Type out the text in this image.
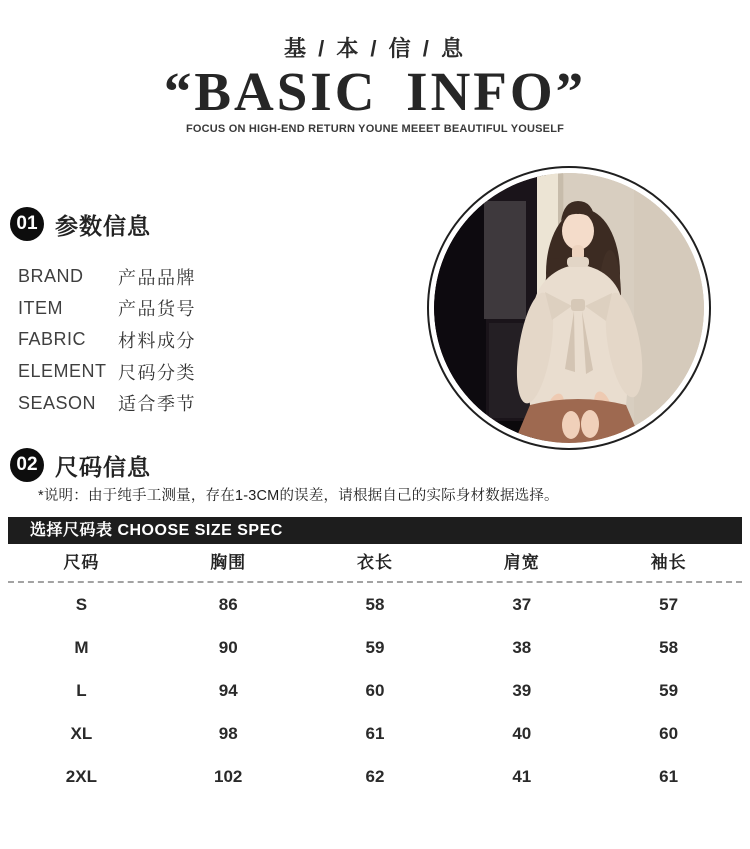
基 / 本 / 信 / 息
“BASIC INFO”
FOCUS ON HIGH-END RETURN YOUNE MEEET BEAUTIFUL YOUSELF
01 参数信息
BRAND	产品品牌
ITEM	产品货号
FABRIC	材料成分
ELEMENT 尺码分类
SEASON	适合季节
02 尺码信息
*说明：由于纯手工测量，存在1-3CM的误差，请根据自己的实际身材数据选择。
选择尺码表 CHOOSE SIZE SPEC
尺码	胸围	衣长	肩宽	袖长
S	86	58	37	57
M	90	59	38	58
L	94	60	39	59
XL	98	61	40	60
2XL	102	62	41	61
